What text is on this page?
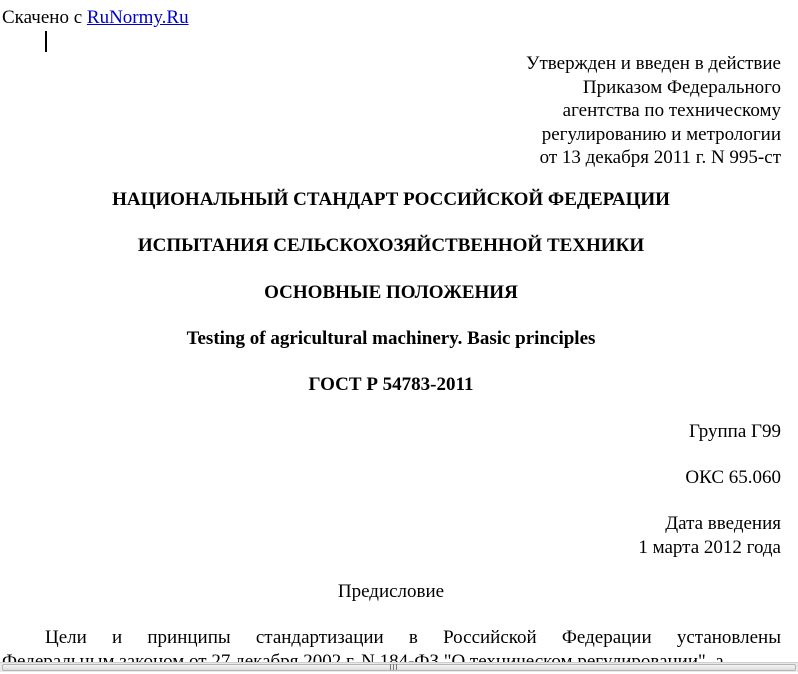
Скачено с RuNormy.Ru
Утвержден и введен в действие
Приказом Федерального
агентства по техническому
регулированию и метрологии
от 13 декабря 2011 г. N 995-ст
НАЦИОНАЛЬНЫЙ СТАНДАРТ РОССИЙСКОЙ ФЕДЕРАЦИИ
ИСПЫТАНИЯ СЕЛЬСКОХОЗЯЙСТВЕННОЙ ТЕХНИКИ
ОСНОВНЫЕ ПОЛОЖЕНИЯ
Testing of agricultural machinery. Basic principles
ГОСТ Р 54783-2011
Группа Г99
ОКС 65.060
Дата введения
1 марта 2012 года
Предисловие
Цели и принципы стандартизации в Российской Федерации установлены
